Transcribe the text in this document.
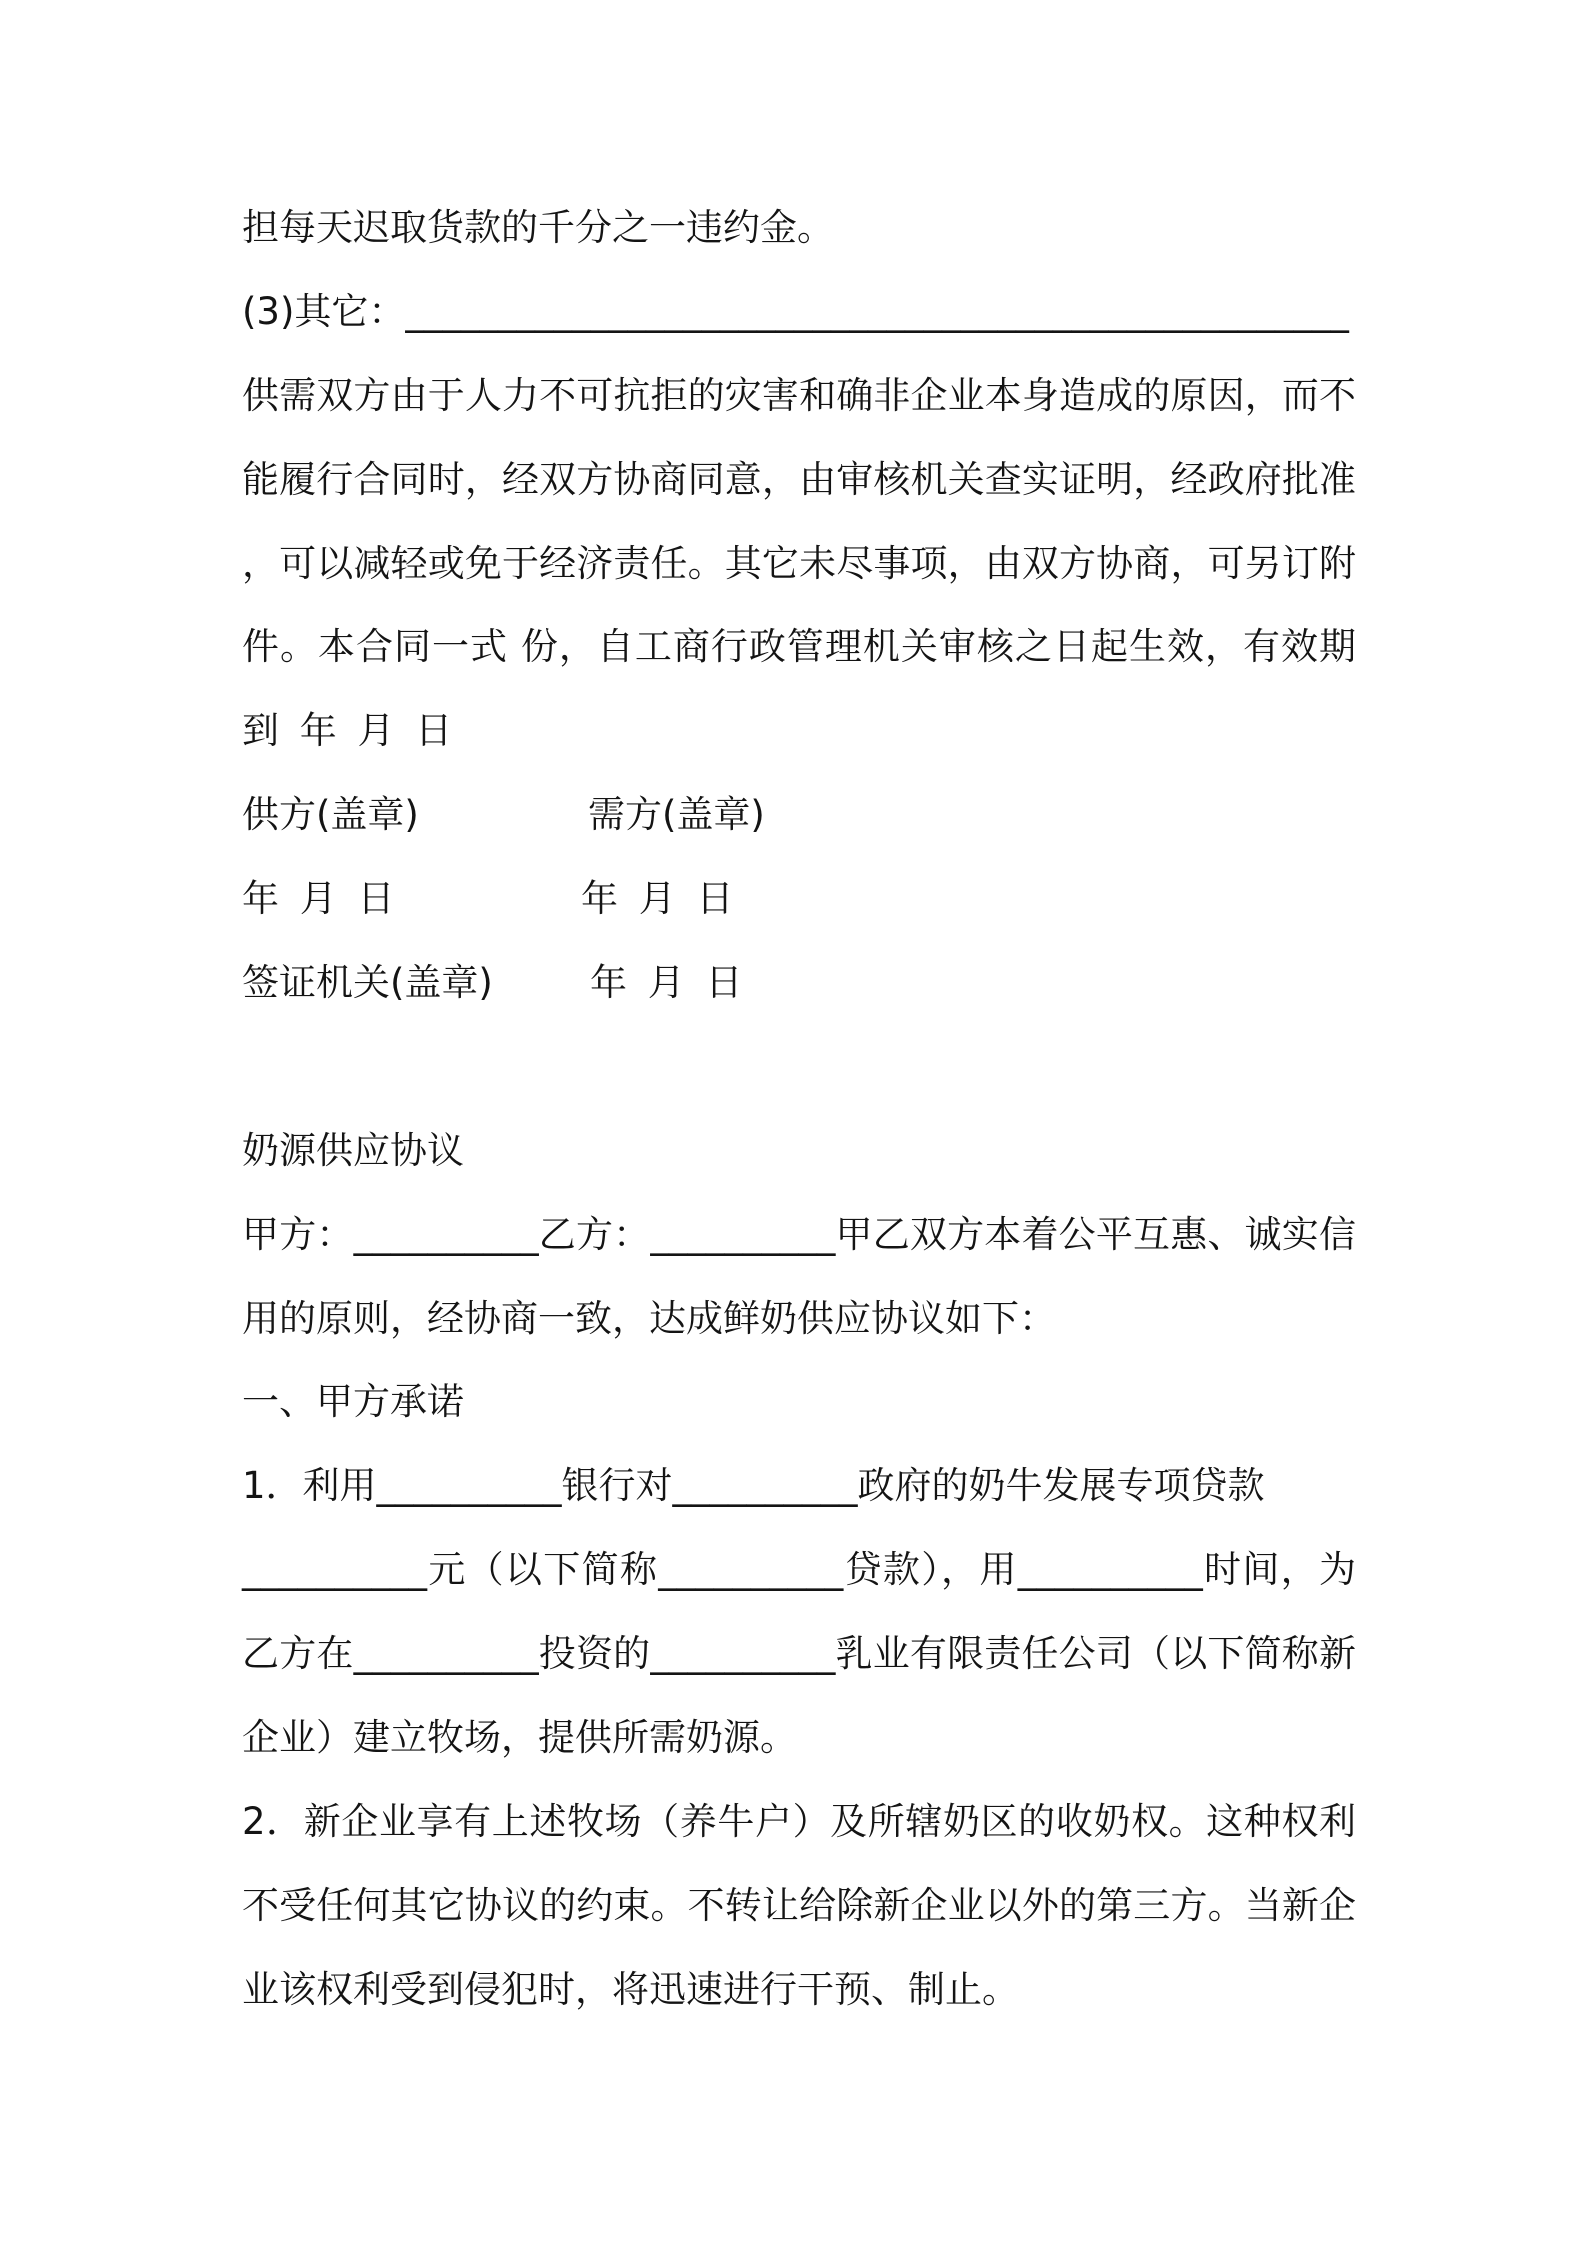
担每天迟取货款的千分之一违约金。
(3)其它：___________________________________________________
供需双方由于人力不可抗拒的灾害和确非企业本身造成的原因，而不
能履行合同时，经双方协商同意，由审核机关查实证明，经政府批准
，可以减轻或免于经济责任。其它未尽事项，由双方协商，可另订附
件。本合同一式 份，自工商行政管理机关审核之日起生效，有效期
到 年 月 日
供方(盖章)	需方(盖章)
年 月 日	年 月 日
签证机关(盖章)	年 月 日
奶源供应协议
甲方：__________乙方：__________甲乙双方本着公平互惠、诚实信
用的原则，经协商一致，达成鲜奶供应协议如下：
一、甲方承诺
1．利用__________银行对__________政府的奶牛发展专项贷款
__________元（以下简称__________贷款），用__________时间，为
乙方在__________投资的__________乳业有限责任公司（以下简称新
企业）建立牧场，提供所需奶源。
2．新企业享有上述牧场（养牛户）及所辖奶区的收奶权。这种权利
不受任何其它协议的约束。不转让给除新企业以外的第三方。当新企
业该权利受到侵犯时，将迅速进行干预、制止。
